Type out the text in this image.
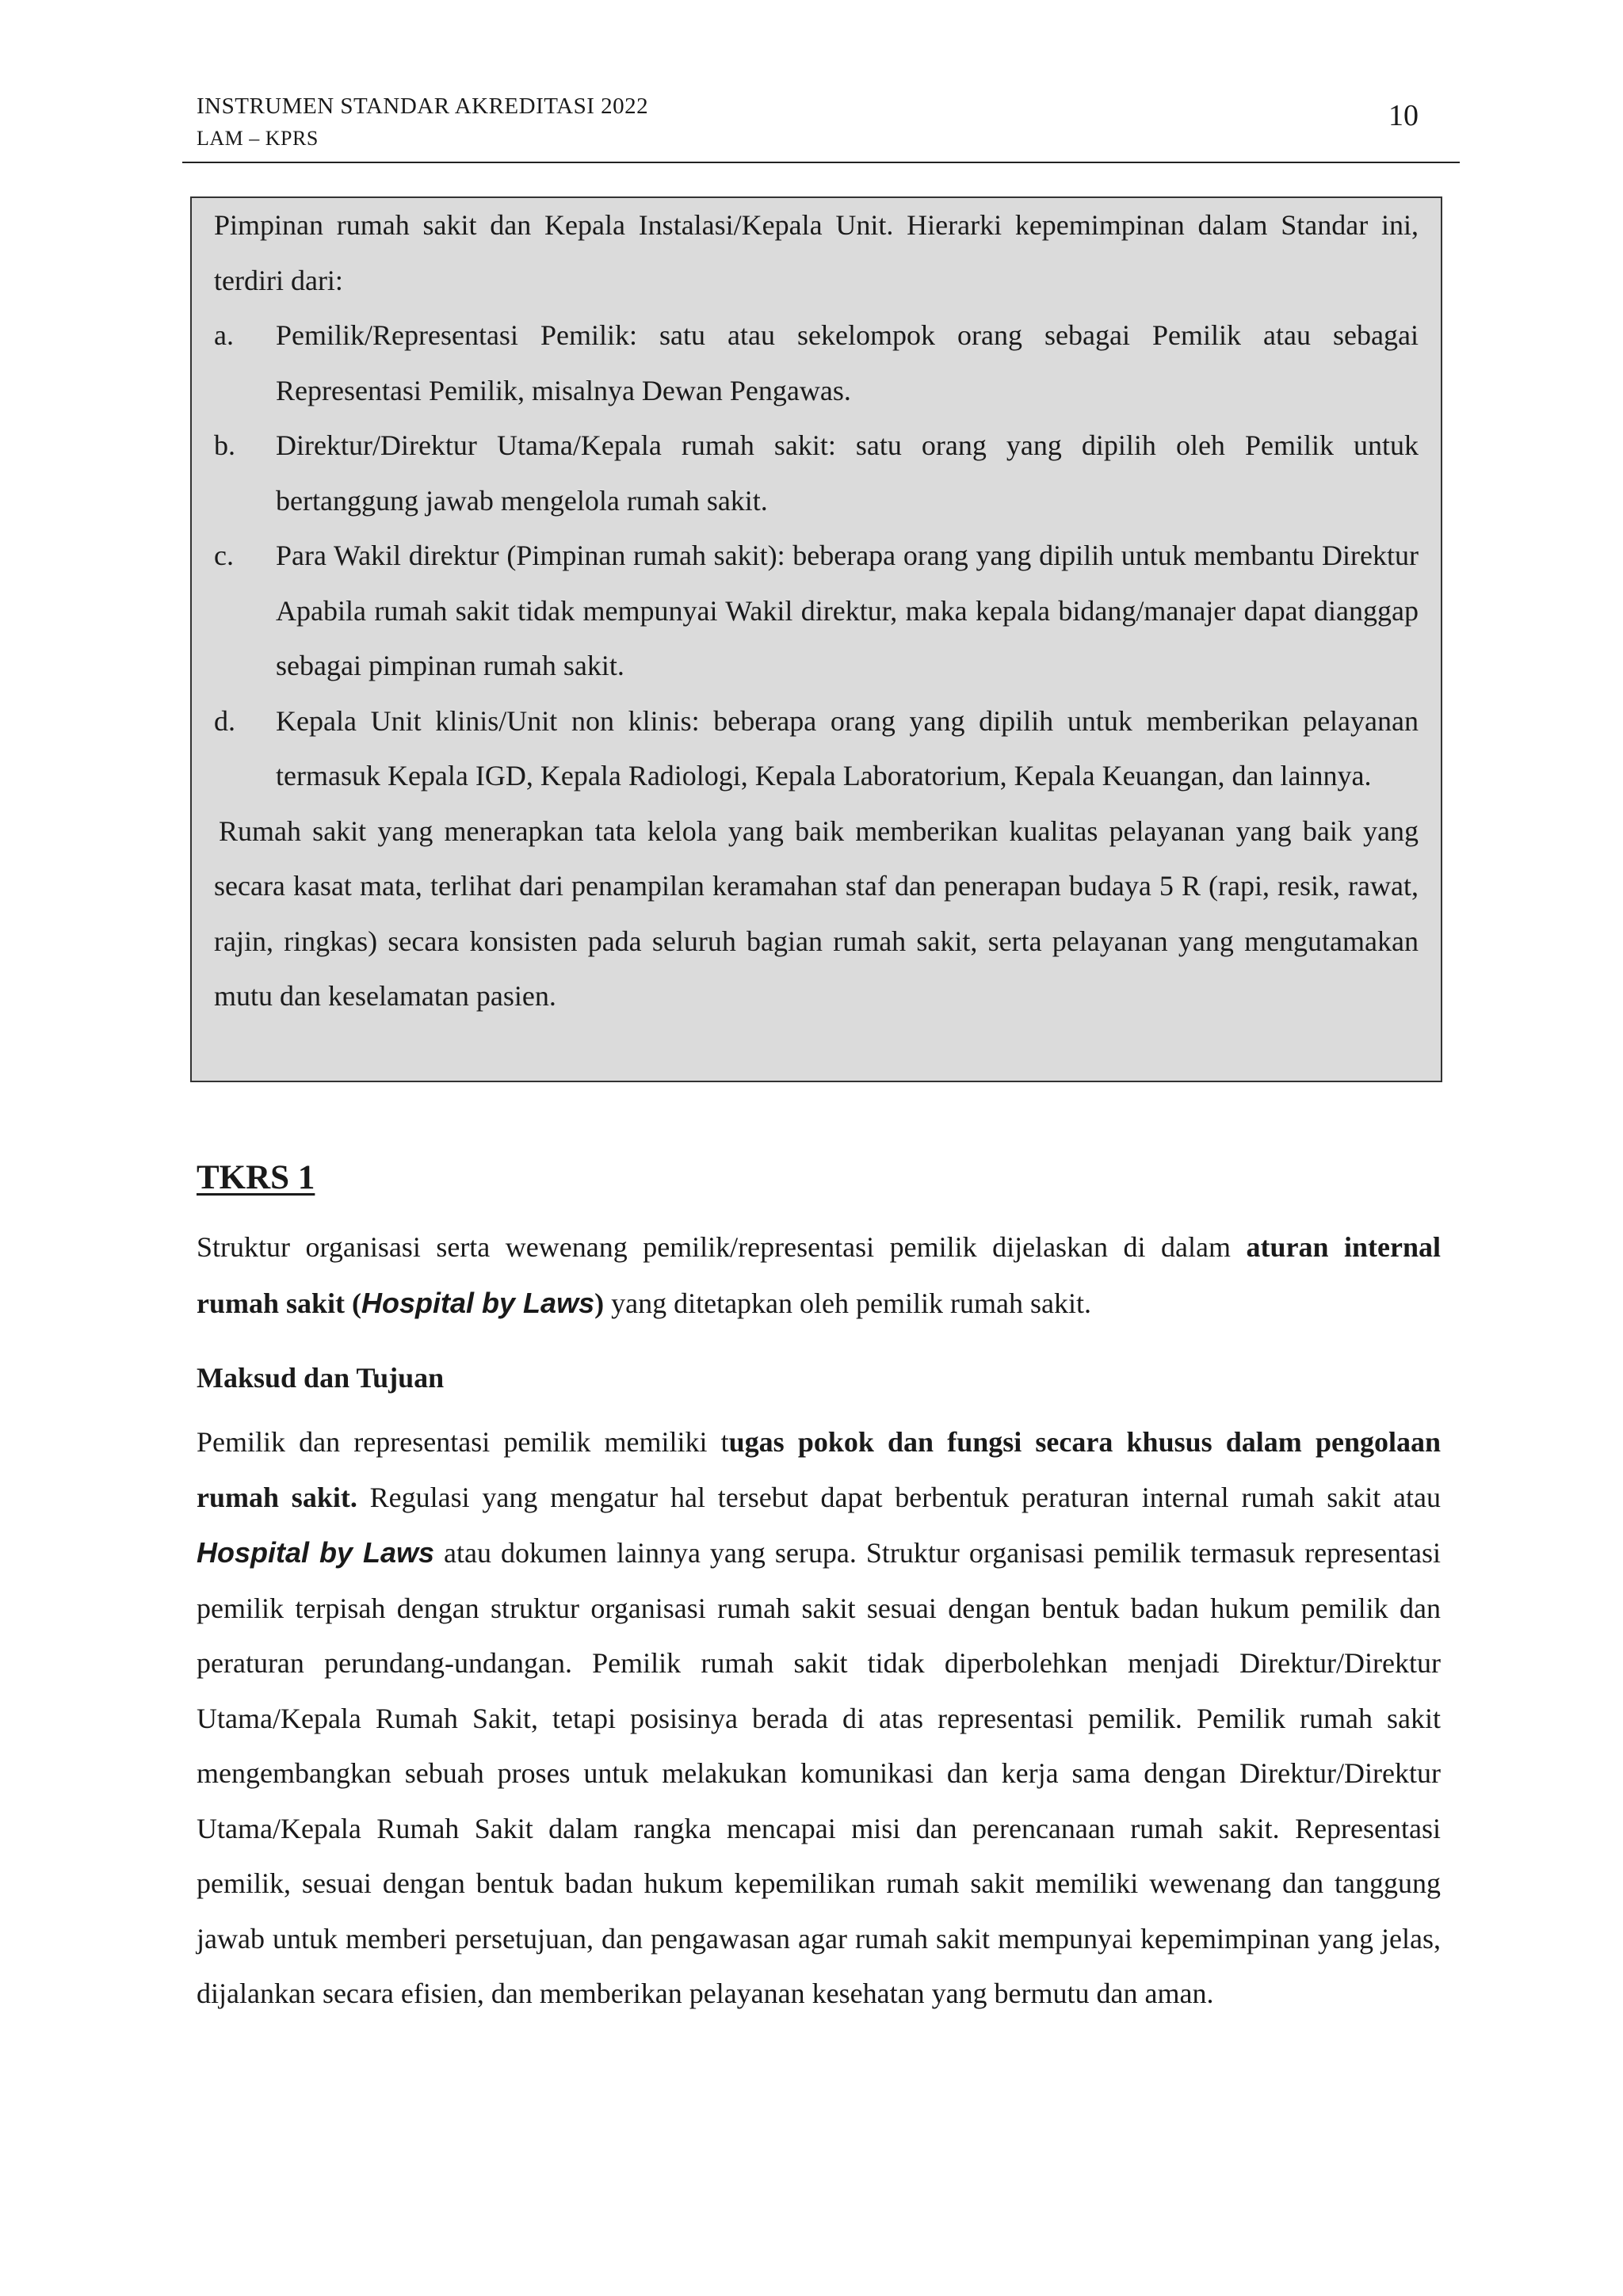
INSTRUMEN STANDAR AKREDITASI 2022
LAM – KPRS
10

Pimpinan rumah sakit dan Kepala Instalasi/Kepala Unit. Hierarki kepemimpinan dalam Standar ini, terdiri dari:

a.	Pemilik/Representasi Pemilik: satu atau sekelompok orang sebagai Pemilik atau sebagai Representasi Pemilik, misalnya Dewan Pengawas.
b.	Direktur/Direktur Utama/Kepala rumah sakit: satu orang yang dipilih oleh Pemilik untuk bertanggung jawab mengelola rumah sakit.
c.	Para Wakil direktur (Pimpinan rumah sakit): beberapa orang yang dipilih untuk membantu Direktur Apabila rumah sakit tidak mempunyai Wakil direktur, maka kepala bidang/manajer dapat dianggap sebagai pimpinan rumah sakit.
d.	Kepala Unit klinis/Unit non klinis: beberapa orang yang dipilih untuk memberikan pelayanan termasuk Kepala IGD, Kepala Radiologi, Kepala Laboratorium, Kepala Keuangan, dan lainnya.

Rumah sakit yang menerapkan tata kelola yang baik memberikan kualitas pelayanan yang baik yang secara kasat mata, terlihat dari penampilan keramahan staf dan penerapan budaya 5 R (rapi, resik, rawat, rajin, ringkas) secara konsisten pada seluruh bagian rumah sakit, serta pelayanan yang mengutamakan mutu dan keselamatan pasien.

TKRS 1

Struktur organisasi serta wewenang pemilik/representasi pemilik dijelaskan di dalam aturan internal rumah sakit (Hospital by Laws) yang ditetapkan oleh pemilik rumah sakit.

Maksud dan Tujuan

Pemilik dan representasi pemilik memiliki tugas pokok dan fungsi secara khusus dalam pengolaan rumah sakit. Regulasi yang mengatur hal tersebut dapat berbentuk peraturan internal rumah sakit atau Hospital by Laws atau dokumen lainnya yang serupa. Struktur organisasi pemilik termasuk representasi pemilik terpisah dengan struktur organisasi rumah sakit sesuai dengan bentuk badan hukum pemilik dan peraturan perundang-undangan. Pemilik rumah sakit tidak diperbolehkan menjadi Direktur/Direktur Utama/Kepala Rumah Sakit, tetapi posisinya berada di atas representasi pemilik. Pemilik rumah sakit mengembangkan sebuah proses untuk melakukan komunikasi dan kerja sama dengan Direktur/Direktur Utama/Kepala Rumah Sakit dalam rangka mencapai misi dan perencanaan rumah sakit. Representasi pemilik, sesuai dengan bentuk badan hukum kepemilikan rumah sakit memiliki wewenang dan tanggung jawab untuk memberi persetujuan, dan pengawasan agar rumah sakit mempunyai kepemimpinan yang jelas, dijalankan secara efisien, dan memberikan pelayanan kesehatan yang bermutu dan aman.
